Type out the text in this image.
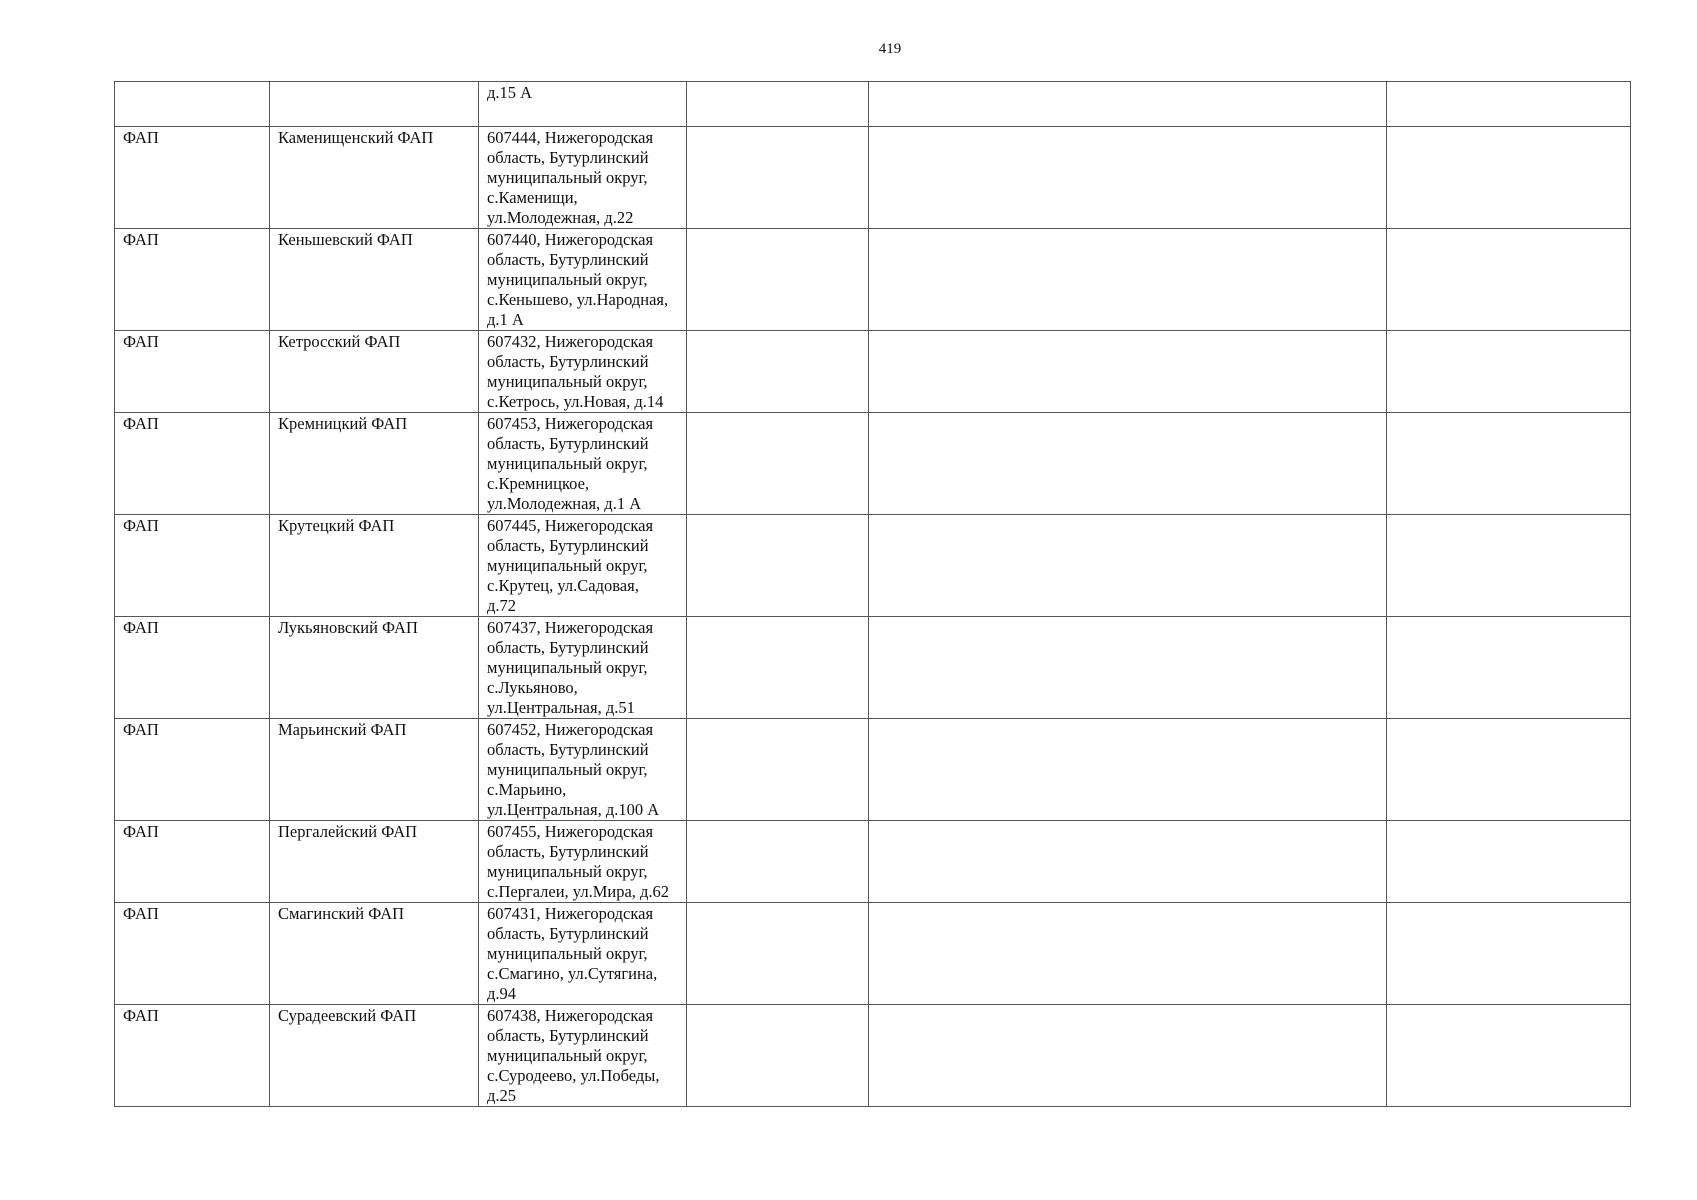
419

		д.15 А			

ФАП	Каменищенский ФАП	607444, Нижегородская
область, Бутурлинский
муниципальный округ,
с.Каменищи,
ул.Молодежная, д.22			

ФАП	Кеньшевский ФАП	607440, Нижегородская
область, Бутурлинский
муниципальный округ,
с.Кеньшево, ул.Народная,
д.1 А			

ФАП	Кетросский ФАП	607432, Нижегородская
область, Бутурлинский
муниципальный округ,
с.Кетрось, ул.Новая, д.14			

ФАП	Кремницкий ФАП	607453, Нижегородская
область, Бутурлинский
муниципальный округ,
с.Кремницкое,
ул.Молодежная, д.1 А			

ФАП	Крутецкий ФАП	607445, Нижегородская
область, Бутурлинский
муниципальный округ,
с.Крутец, ул.Садовая,
д.72			

ФАП	Лукьяновский ФАП	607437, Нижегородская
область, Бутурлинский
муниципальный округ,
с.Лукьяново,
ул.Центральная, д.51			

ФАП	Марьинский ФАП	607452, Нижегородская
область, Бутурлинский
муниципальный округ,
с.Марьино,
ул.Центральная, д.100 А			

ФАП	Пергалейский ФАП	607455, Нижегородская
область, Бутурлинский
муниципальный округ,
с.Пергалеи, ул.Мира, д.62			

ФАП	Смагинский ФАП	607431, Нижегородская
область, Бутурлинский
муниципальный округ,
с.Смагино, ул.Сутягина,
д.94			

ФАП	Сурадеевский ФАП	607438, Нижегородская
область, Бутурлинский
муниципальный округ,
с.Суродеево, ул.Победы,
д.25			
